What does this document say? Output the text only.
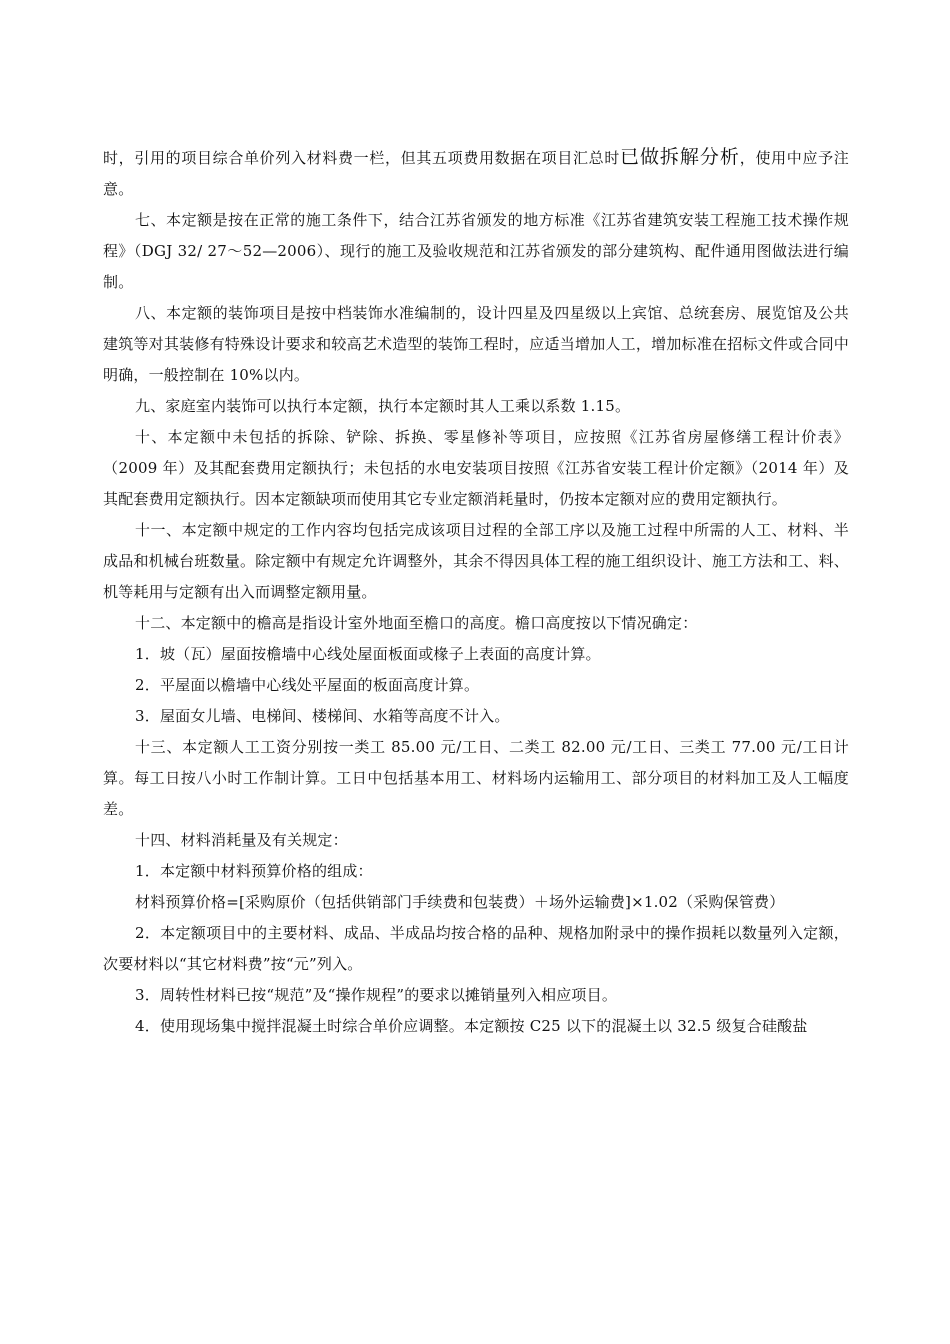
时，引用的项目综合单价列入材料费一栏，但其五项费用数据在项目汇总时已做拆解分析，使用中应予注意。

七、本定额是按在正常的施工条件下，结合江苏省颁发的地方标准《江苏省建筑安装工程施工技术操作规程》（DGJ 32/ 27～52—2006）、现行的施工及验收规范和江苏省颁发的部分建筑构、配件通用图做法进行编制。

八、本定额的装饰项目是按中档装饰水准编制的，设计四星及四星级以上宾馆、总统套房、展览馆及公共建筑等对其装修有特殊设计要求和较高艺术造型的装饰工程时，应适当增加人工，增加标准在招标文件或合同中明确，一般控制在 10%以内。

九、家庭室内装饰可以执行本定额，执行本定额时其人工乘以系数 1.15。

十、本定额中未包括的拆除、铲除、拆换、零星修补等项目，应按照《江苏省房屋修缮工程计价表》（2009 年）及其配套费用定额执行；未包括的水电安装项目按照《江苏省安装工程计价定额》（2014 年）及其配套费用定额执行。因本定额缺项而使用其它专业定额消耗量时，仍按本定额对应的费用定额执行。

十一、本定额中规定的工作内容均包括完成该项目过程的全部工序以及施工过程中所需的人工、材料、半成品和机械台班数量。除定额中有规定允许调整外，其余不得因具体工程的施工组织设计、施工方法和工、料、机等耗用与定额有出入而调整定额用量。

十二、本定额中的檐高是指设计室外地面至檐口的高度。檐口高度按以下情况确定：

1．坡（瓦）屋面按檐墙中心线处屋面板面或椽子上表面的高度计算。

2．平屋面以檐墙中心线处平屋面的板面高度计算。

3．屋面女儿墙、电梯间、楼梯间、水箱等高度不计入。

十三、本定额人工工资分别按一类工 85.00 元/工日、二类工 82.00 元/工日、三类工 77.00 元/工日计算。每工日按八小时工作制计算。工日中包括基本用工、材料场内运输用工、部分项目的材料加工及人工幅度差。

十四、材料消耗量及有关规定：

1．本定额中材料预算价格的组成：

材料预算价格=[采购原价（包括供销部门手续费和包装费）＋场外运输费]×1.02（采购保管费）

2．本定额项目中的主要材料、成品、半成品均按合格的品种、规格加附录中的操作损耗以数量列入定额，次要材料以“其它材料费”按“元”列入。

3．周转性材料已按“规范”及“操作规程”的要求以摊销量列入相应项目。

4．使用现场集中搅拌混凝土时综合单价应调整。本定额按 C25 以下的混凝土以 32.5 级复合硅酸盐
